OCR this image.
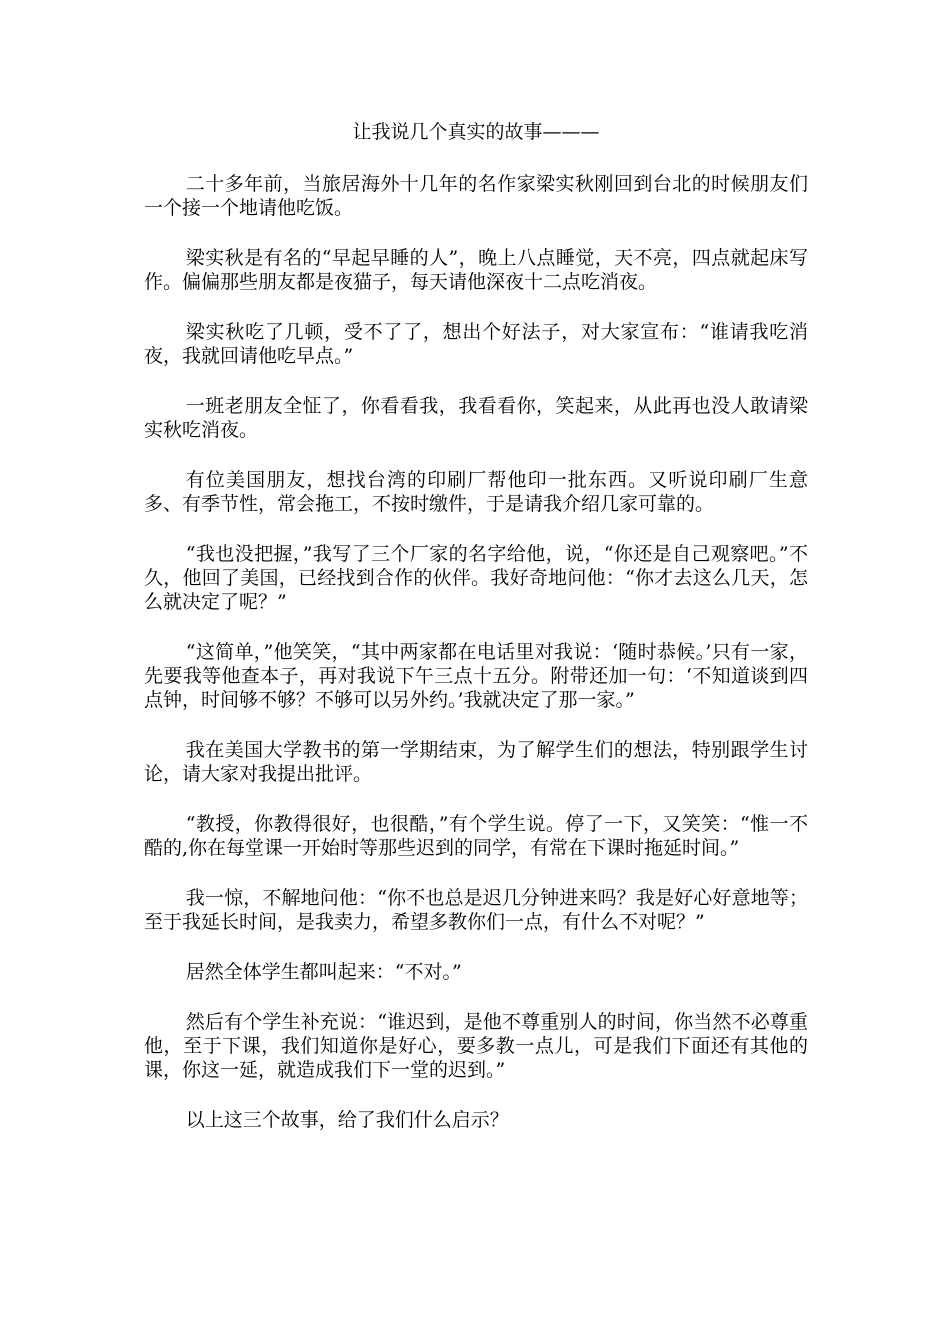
让我说几个真实的故事———

二十多年前，当旅居海外十几年的名作家梁实秋刚回到台北的时候朋友们一个接一个地请他吃饭。

梁实秋是有名的“早起早睡的人”，晚上八点睡觉，天不亮，四点就起床写作。偏偏那些朋友都是夜猫子，每天请他深夜十二点吃消夜。

梁实秋吃了几顿，受不了了，想出个好法子，对大家宣布：“谁请我吃消夜，我就回请他吃早点。”

一班老朋友全怔了，你看看我，我看看你，笑起来，从此再也没人敢请梁实秋吃消夜。

有位美国朋友，想找台湾的印刷厂帮他印一批东西。又听说印刷厂生意多、有季节性，常会拖工，不按时缴件，于是请我介绍几家可靠的。

“我也没把握，”我写了三个厂家的名字给他，说，“你还是自己观察吧。”不久，他回了美国，已经找到合作的伙伴。我好奇地问他：“你才去这么几天，怎么就决定了呢？”

“这简单，”他笑笑，“其中两家都在电话里对我说：‘随时恭候。’只有一家，先要我等他查本子，再对我说下午三点十五分。附带还加一句：‘不知道谈到四点钟，时间够不够？不够可以另外约。’我就决定了那一家。”

我在美国大学教书的第一学期结束，为了解学生们的想法，特别跟学生讨论，请大家对我提出批评。

“教授，你教得很好，也很酷，”有个学生说。停了一下，又笑笑：“惟一不酷的,你在每堂课一开始时等那些迟到的同学，有常在下课时拖延时间。”

我一惊，不解地问他：“你不也总是迟几分钟进来吗？我是好心好意地等；至于我延长时间，是我卖力，希望多教你们一点，有什么不对呢？”

居然全体学生都叫起来：“不对。”

然后有个学生补充说：“谁迟到，是他不尊重别人的时间，你当然不必尊重他，至于下课，我们知道你是好心，要多教一点儿，可是我们下面还有其他的课，你这一延，就造成我们下一堂的迟到。”

以上这三个故事，给了我们什么启示？
